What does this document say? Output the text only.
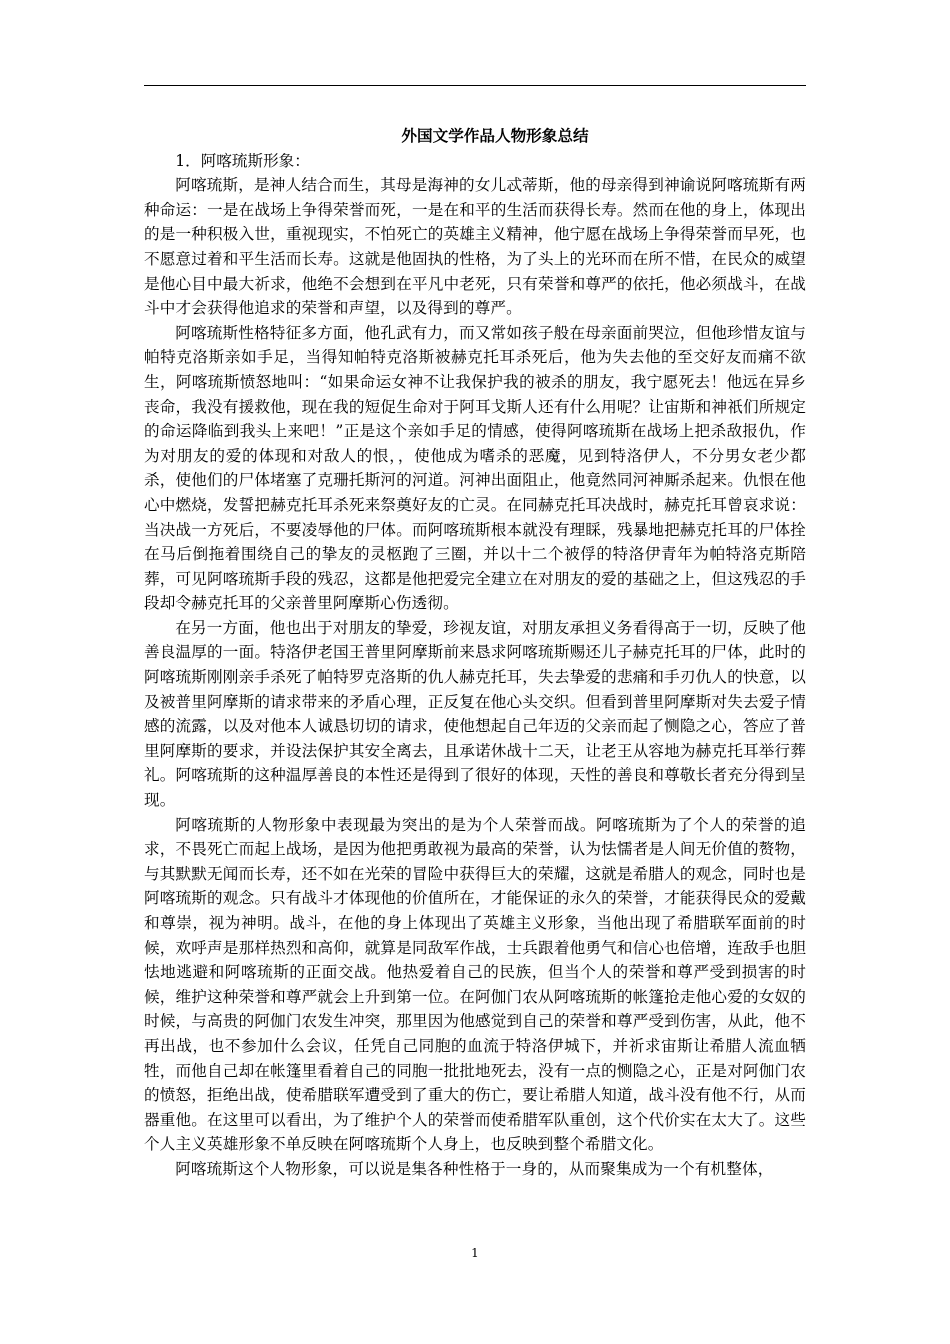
外国文学作品人物形象总结
1．阿喀琉斯形象：

阿喀琉斯，是神人结合而生，其母是海神的女儿忒蒂斯，他的母亲得到神谕说阿喀琉斯有两种命运：一是在战场上争得荣誉而死，一是在和平的生活而获得长寿。然而在他的身上，体现出的是一种积极入世，重视现实，不怕死亡的英雄主义精神，他宁愿在战场上争得荣誉而早死，也不愿意过着和平生活而长寿。这就是他固执的性格，为了头上的光环而在所不惜，在民众的威望是他心目中最大祈求，他绝不会想到在平凡中老死，只有荣誉和尊严的依托，他必须战斗，在战斗中才会获得他追求的荣誉和声望，以及得到的尊严。

阿喀琉斯性格特征多方面，他孔武有力，而又常如孩子般在母亲面前哭泣，但他珍惜友谊与帕特克洛斯亲如手足，当得知帕特克洛斯被赫克托耳杀死后，他为失去他的至交好友而痛不欲生，阿喀琉斯愤怒地叫：“如果命运女神不让我保护我的被杀的朋友，我宁愿死去！他远在异乡丧命，我没有援救他，现在我的短促生命对于阿耳戈斯人还有什么用呢？让宙斯和神祇们所规定的命运降临到我头上来吧！”正是这个亲如手足的情感，使得阿喀琉斯在战场上把杀敌报仇，作为对朋友的爱的体现和对敌人的恨，，使他成为嗜杀的恶魔，见到特洛伊人，不分男女老少都杀，使他们的尸体堵塞了克珊托斯河的河道。河神出面阻止，他竟然同河神厮杀起来。仇恨在他心中燃烧，发誓把赫克托耳杀死来祭奠好友的亡灵。在同赫克托耳决战时，赫克托耳曾哀求说：当决战一方死后，不要凌辱他的尸体。而阿喀琉斯根本就没有理睬，残暴地把赫克托耳的尸体拴在马后倒拖着围绕自己的挚友的灵柩跑了三圈，并以十二个被俘的特洛伊青年为帕特洛克斯陪葬，可见阿喀琉斯手段的残忍，这都是他把爱完全建立在对朋友的爱的基础之上，但这残忍的手段却令赫克托耳的父亲普里阿摩斯心伤透彻。

在另一方面，他也出于对朋友的挚爱，珍视友谊，对朋友承担义务看得高于一切，反映了他善良温厚的一面。特洛伊老国王普里阿摩斯前来恳求阿喀琉斯赐还儿子赫克托耳的尸体，此时的阿喀琉斯刚刚亲手杀死了帕特罗克洛斯的仇人赫克托耳，失去挚爱的悲痛和手刃仇人的快意，以及被普里阿摩斯的请求带来的矛盾心理，正反复在他心头交织。但看到普里阿摩斯对失去爱子情感的流露，以及对他本人诚恳切切的请求，使他想起自己年迈的父亲而起了恻隐之心，答应了普里阿摩斯的要求，并设法保护其安全离去，且承诺休战十二天，让老王从容地为赫克托耳举行葬礼。阿喀琉斯的这种温厚善良的本性还是得到了很好的体现，天性的善良和尊敬长者充分得到呈现。

阿喀琉斯的人物形象中表现最为突出的是为个人荣誉而战。阿喀琉斯为了个人的荣誉的追求，不畏死亡而起上战场，是因为他把勇敢视为最高的荣誉，认为怯懦者是人间无价值的赘物，与其默默无闻而长寿，还不如在光荣的冒险中获得巨大的荣耀，这就是希腊人的观念，同时也是阿喀琉斯的观念。只有战斗才体现他的价值所在，才能保证的永久的荣誉，才能获得民众的爱戴和尊崇，视为神明。战斗，在他的身上体现出了英雄主义形象，当他出现了希腊联军面前的时候，欢呼声是那样热烈和高仰，就算是同敌军作战，士兵跟着他勇气和信心也倍增，连敌手也胆怯地逃避和阿喀琉斯的正面交战。他热爱着自己的民族，但当个人的荣誉和尊严受到损害的时候，维护这种荣誉和尊严就会上升到第一位。在阿伽门农从阿喀琉斯的帐篷抢走他心爱的女奴的时候，与高贵的阿伽门农发生冲突，那里因为他感觉到自己的荣誉和尊严受到伤害，从此，他不再出战，也不参加什么会议，任凭自己同胞的血流于特洛伊城下，并祈求宙斯让希腊人流血牺牲，而他自己却在帐篷里看着自己的同胞一批批地死去，没有一点的恻隐之心，正是对阿伽门农的愤怒，拒绝出战，使希腊联军遭受到了重大的伤亡，要让希腊人知道，战斗没有他不行，从而器重他。在这里可以看出，为了维护个人的荣誉而使希腊军队重创，这个代价实在太大了。这些个人主义英雄形象不单反映在阿喀琉斯个人身上，也反映到整个希腊文化。

阿喀琉斯这个人物形象，可以说是集各种性格于一身的，从而聚集成为一个有机整体，

1
